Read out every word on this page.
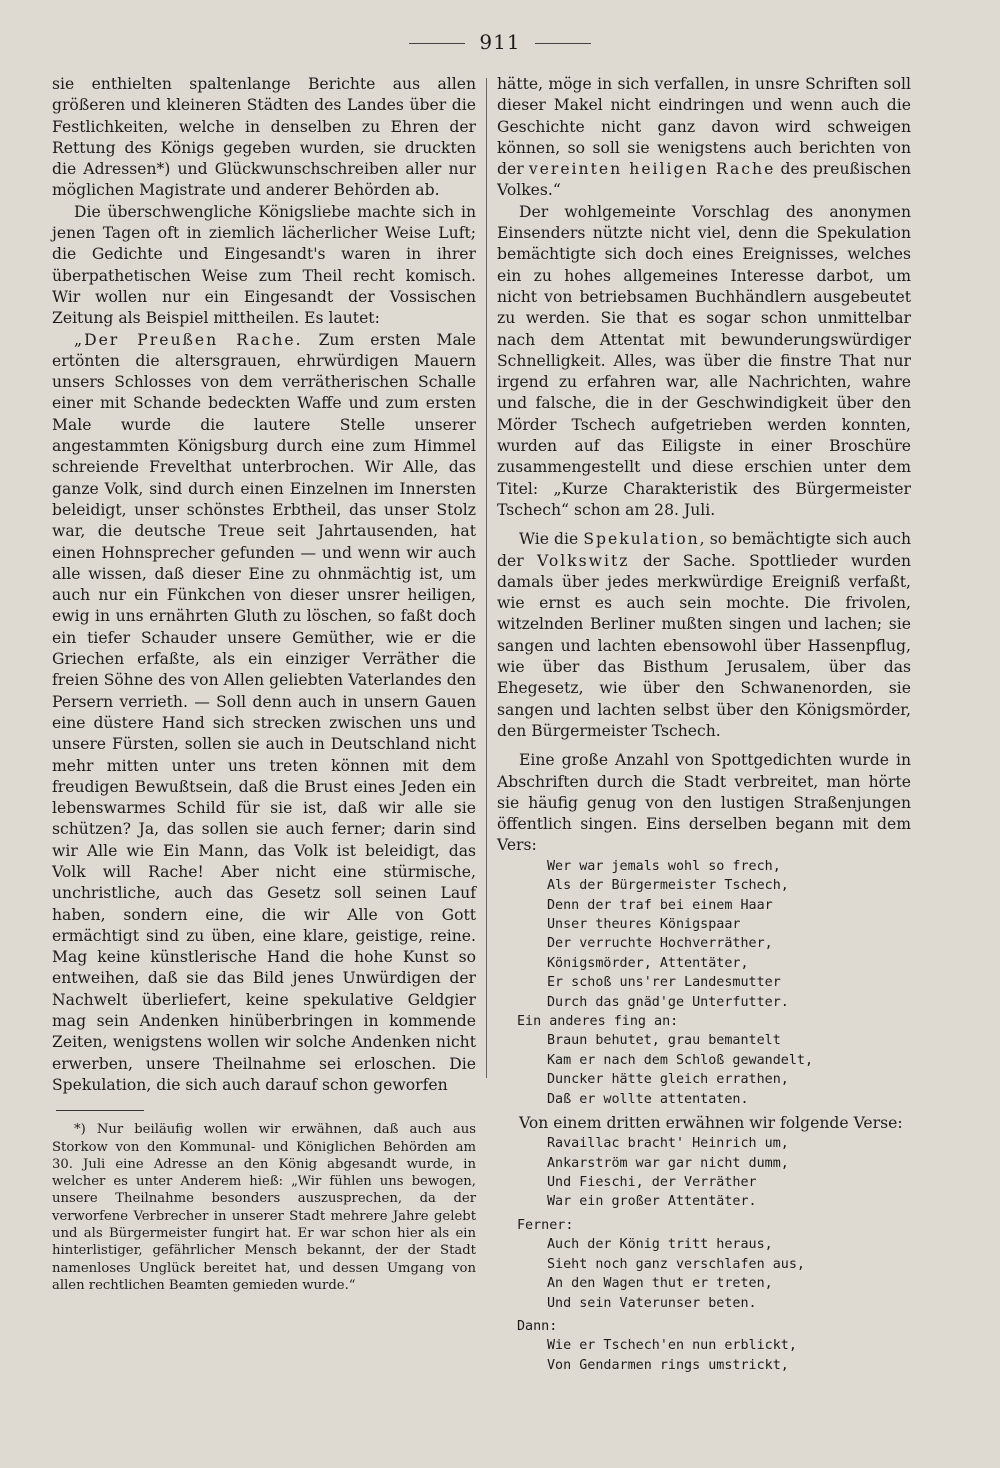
911

sie enthielten spaltenlange Berichte aus allen größeren und kleineren Städten des Landes über die Festlichkeiten, welche in denselben zu Ehren der Rettung des Königs gegeben wurden, sie druckten die Adressen*) und Glückwunschschreiben aller nur möglichen Magistrate und anderer Behörden ab.

Die überschwengliche Königsliebe machte sich in jenen Tagen oft in ziemlich lächerlicher Weise Luft; die Gedichte und Eingesandt's waren in ihrer überpathetischen Weise zum Theil recht komisch. Wir wollen nur ein Eingesandt der Vossischen Zeitung als Beispiel mittheilen. Es lautet:

„Der Preußen Rache. Zum ersten Male ertönten die altersgrauen, ehrwürdigen Mauern unsers Schlosses von dem verrätherischen Schalle einer mit Schande bedeckten Waffe und zum ersten Male wurde die lautere Stelle unserer angestammten Königsburg durch eine zum Himmel schreiende Frevelthat unterbrochen. Wir Alle, das ganze Volk, sind durch einen Einzelnen im Innersten beleidigt, unser schönstes Erbtheil, das unser Stolz war, die deutsche Treue seit Jahrtausenden, hat einen Hohnsprecher gefunden — und wenn wir auch alle wissen, daß dieser Eine zu ohnmächtig ist, um auch nur ein Fünkchen von dieser unsrer heiligen, ewig in uns ernährten Gluth zu löschen, so faßt doch ein tiefer Schauder unsere Gemüther, wie er die Griechen erfaßte, als ein einziger Verräther die freien Söhne des von Allen geliebten Vaterlandes den Persern verrieth. — Soll denn auch in unsern Gauen eine düstere Hand sich strecken zwischen uns und unsere Fürsten, sollen sie auch in Deutschland nicht mehr mitten unter uns treten können mit dem freudigen Bewußtsein, daß die Brust eines Jeden ein lebenswarmes Schild für sie ist, daß wir alle sie schützen? Ja, das sollen sie auch ferner; darin sind wir Alle wie Ein Mann, das Volk ist beleidigt, das Volk will Rache! Aber nicht eine stürmische, unchristliche, auch das Gesetz soll seinen Lauf haben, sondern eine, die wir Alle von Gott ermächtigt sind zu üben, eine klare, geistige, reine. Mag keine künstlerische Hand die hohe Kunst so entweihen, daß sie das Bild jenes Unwürdigen der Nachwelt überliefert, keine spekulative Geldgier mag sein Andenken hinüberbringen in kommende Zeiten, wenigstens wollen wir solche Andenken nicht erwerben, unsere Theilnahme sei erloschen. Die Spekulation, die sich auch darauf schon geworfen

*) Nur beiläufig wollen wir erwähnen, daß auch aus Storkow von den Kommunal- und Königlichen Behörden am 30. Juli eine Adresse an den König abgesandt wurde, in welcher es unter Anderem hieß: „Wir fühlen uns bewogen, unsere Theilnahme besonders auszusprechen, da der verworfene Verbrecher in unserer Stadt mehrere Jahre gelebt und als Bürgermeister fungirt hat. Er war schon hier als ein hinterlistiger, gefährlicher Mensch bekannt, der der Stadt namenloses Unglück bereitet hat, und dessen Umgang von allen rechtlichen Beamten gemieden wurde.“

hätte, möge in sich verfallen, in unsre Schriften soll dieser Makel nicht eindringen und wenn auch die Geschichte nicht ganz davon wird schweigen können, so soll sie wenigstens auch berichten von der vereinten heiligen Rache des preußischen Volkes.“

Der wohlgemeinte Vorschlag des anonymen Einsenders nützte nicht viel, denn die Spekulation bemächtigte sich doch eines Ereignisses, welches ein zu hohes allgemeines Interesse darbot, um nicht von betriebsamen Buchhändlern ausgebeutet zu werden. Sie that es sogar schon unmittelbar nach dem Attentat mit bewunderungswürdiger Schnelligkeit. Alles, was über die finstre That nur irgend zu erfahren war, alle Nachrichten, wahre und falsche, die in der Geschwindigkeit über den Mörder Tschech aufgetrieben werden konnten, wurden auf das Eiligste in einer Broschüre zusammengestellt und diese erschien unter dem Titel: „Kurze Charakteristik des Bürgermeister Tschech“ schon am 28. Juli.

Wie die Spekulation, so bemächtigte sich auch der Volkswitz der Sache. Spottlieder wurden damals über jedes merkwürdige Ereigniß verfaßt, wie ernst es auch sein mochte. Die frivolen, witzelnden Berliner mußten singen und lachen; sie sangen und lachten ebensowohl über Hassenpflug, wie über das Bisthum Jerusalem, über das Ehegesetz, wie über den Schwanenorden, sie sangen und lachten selbst über den Königsmörder, den Bürgermeister Tschech.

Eine große Anzahl von Spottgedichten wurde in Abschriften durch die Stadt verbreitet, man hörte sie häufig genug von den lustigen Straßenjungen öffentlich singen. Eins derselben begann mit dem Vers:

Wer war jemals wohl so frech,
Als der Bürgermeister Tschech,
Denn der traf bei einem Haar
Unser theures Königspaar
Der verruchte Hochverräther,
Königsmörder, Attentäter,
Er schoß uns'rer Landesmutter
Durch das gnäd'ge Unterfutter.
Ein anderes fing an:
Braun behutet, grau bemantelt
Kam er nach dem Schloß gewandelt,
Duncker hätte gleich errathen,
Daß er wollte attentaten.

Von einem dritten erwähnen wir folgende Verse:

Ravaillac bracht' Heinrich um,
Ankarström war gar nicht dumm,
Und Fieschi, der Verräther
War ein großer Attentäter.
Ferner:
Auch der König tritt heraus,
Sieht noch ganz verschlafen aus,
An den Wagen thut er treten,
Und sein Vaterunser beten.
Dann:
Wie er Tschech'en nun erblickt,
Von Gendarmen rings umstrickt,
